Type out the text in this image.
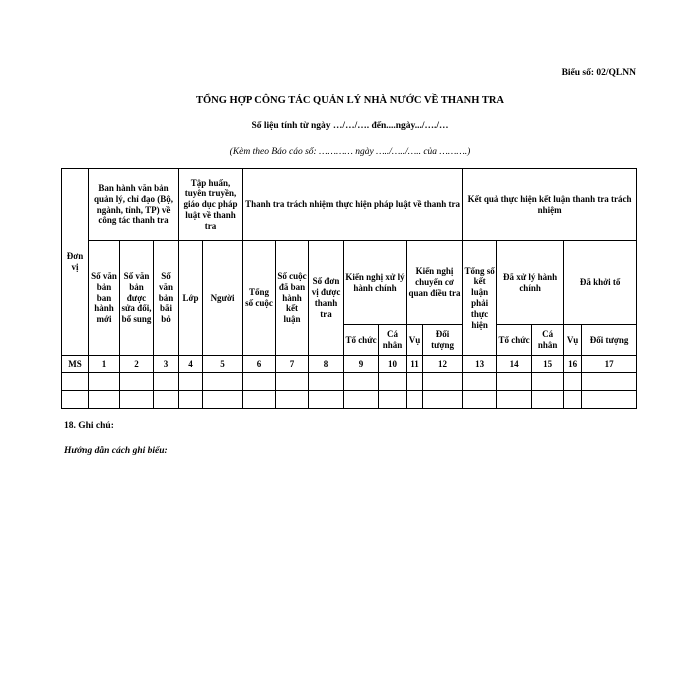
Biểu số: 02/QLNN
TỔNG HỢP CÔNG TÁC QUẢN LÝ NHÀ NƯỚC VỀ THANH TRA
Số liệu tính từ ngày …/…/…. đến....ngày.../…./…
(Kèm theo Báo cáo số: ………… ngày …../…../….. của ……….)
Đơn vị	Ban hành văn bản quản lý, chỉ đạo (Bộ, ngành, tỉnh, TP) về công tác thanh tra			Tập huấn, tuyên truyền, giáo dục pháp luật về thanh tra		Thanh tra trách nhiệm thực hiện pháp luật về thanh tra							Kết quả thực hiện kết luận thanh tra trách nhiệm				
	Số văn bản ban hành mới	Số văn bản được sửa đổi, bổ sung	Số văn bản bãi bỏ	Lớp	Người	Tổng số cuộc	Số cuộc đã ban hành kết luận	Số đơn vị được thanh tra	Kiến nghị xử lý hành chính		Kiến nghị chuyển cơ quan điều tra		Tổng số kết luận phải thực hiện	Đã xử lý hành chính		Đã khởi tố	
									Tổ chức	Cá nhân	Vụ	Đối tượng		Tổ chức	Cá nhân	Vụ	Đối tượng
MS	1	2	3	4	5	6	7	8	9	10	11	12	13	14	15	16	17

18. Ghi chú:
Hướng dẫn cách ghi biểu:
